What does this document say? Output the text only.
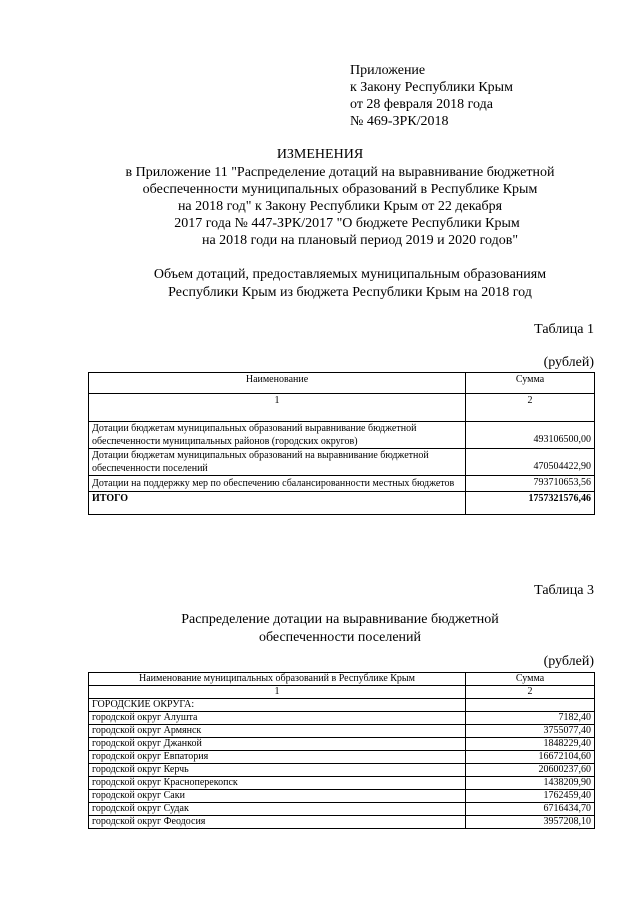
Приложение
к Закону Республики Крым
от 28 февраля 2018 года
№ 469-ЗРК/2018
ИЗМЕНЕНИЯ
в Приложение 11 "Распределение дотаций на выравнивание бюджетной
обеспеченности муниципальных образований в Республике Крым
на 2018 год" к Закону Республики Крым от 22 декабря
2017 года № 447-ЗРК/2017 "О бюджете Республики Крым
на 2018 годи на плановый период 2019 и 2020 годов"
Объем дотаций, предоставляемых муниципальным образованиям
Республики Крым из бюджета Республики Крым на 2018 год
Таблица 1
(рублей)
Наименование	Сумма
1	2
Дотации бюджетам муниципальных образований выравнивание бюджетной обеспеченности муниципальных районов (городских округов)	493106500,00
Дотации бюджетам муниципальных образований на выравнивание бюджетной обеспеченности поселений	470504422,90
Дотации на поддержку мер по обеспечению сбалансированности местных бюджетов	793710653,56
ИТОГО	1757321576,46
Таблица 3
Распределение дотации на выравнивание бюджетной
обеспеченности поселений
(рублей)
Наименование муниципальных образований в Республике Крым	Сумма
1	2
ГОРОДСКИЕ ОКРУГА:	
городской округ Алушта	7182,40
городской округ Армянск	3755077,40
городской округ Джанкой	1848229,40
городской округ Евпатория	16672104,60
городской округ Керчь	20600237,60
городской округ Красноперекопск	1438209,90
городской округ Саки	1762459,40
городской округ Судак	6716434,70
городской округ Феодосия	3957208,10
